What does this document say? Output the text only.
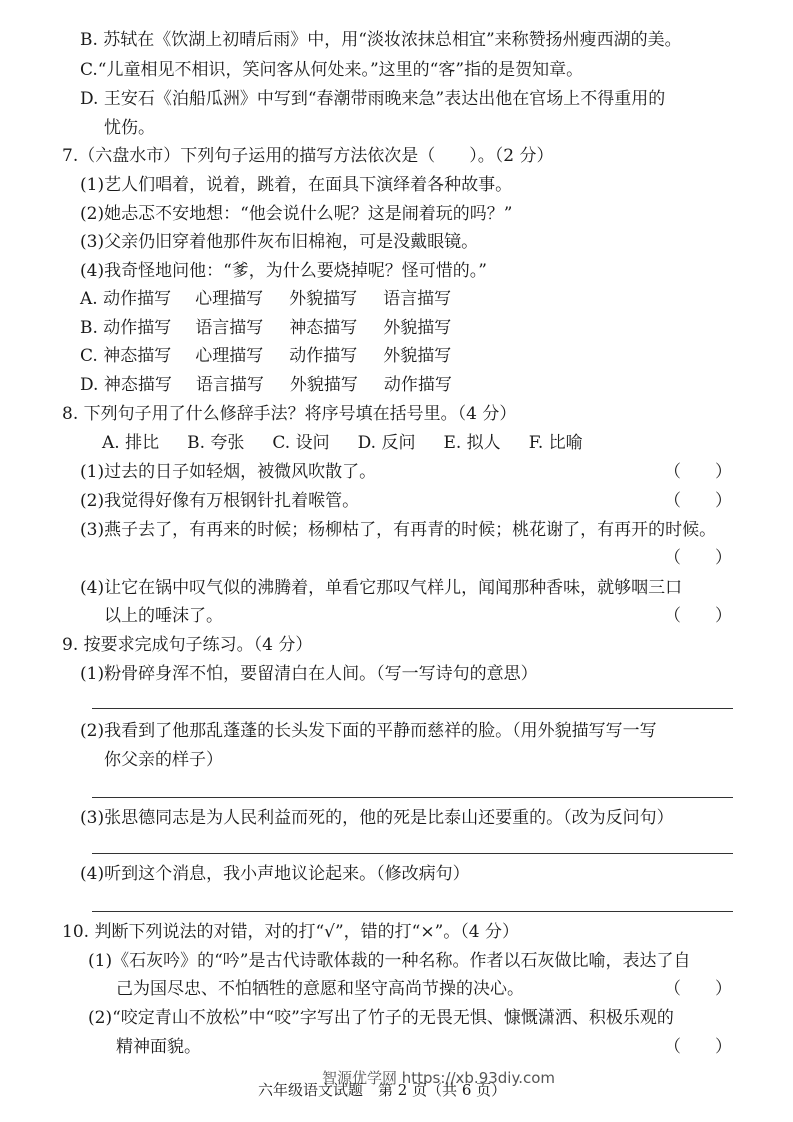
B. 苏轼在《饮湖上初晴后雨》中，用“淡妆浓抹总相宜”来称赞扬州瘦西湖的美。
C.“儿童相见不相识，笑问客从何处来。”这里的“客”指的是贺知章。
D. 王安石《泊船瓜洲》中写到“春潮带雨晚来急”表达出他在官场上不得重用的
忧伤。
7.（六盘水市）下列句子运用的描写方法依次是（　　）。（2 分）
(1)艺人们唱着，说着，跳着，在面具下演绎着各种故事。
(2)她忐忑不安地想：“他会说什么呢？这是闹着玩的吗？”
(3)父亲仍旧穿着他那件灰布旧棉袍，可是没戴眼镜。
(4)我奇怪地问他：“爹，为什么要烧掉呢？怪可惜的。”
A. 动作描写 心理描写 外貌描写 语言描写
B. 动作描写 语言描写 神态描写 外貌描写
C. 神态描写 心理描写 动作描写 外貌描写
D. 神态描写 语言描写 外貌描写 动作描写
8. 下列句子用了什么修辞手法？将序号填在括号里。（4 分）
A. 排比 B. 夸张 C. 设问 D. 反问 E. 拟人 F. 比喻
(1)过去的日子如轻烟，被微风吹散了。	（　　）
(2)我觉得好像有万根钢针扎着喉管。	（　　）
(3)燕子去了，有再来的时候；杨柳枯了，有再青的时候；桃花谢了，有再开的时候。
（　　）
(4)让它在锅中叹气似的沸腾着，单看它那叹气样儿，闻闻那种香味，就够咽三口
以上的唾沫了。	（　　）
9. 按要求完成句子练习。（4 分）
(1)粉骨碎身浑不怕，要留清白在人间。（写一写诗句的意思）
(2)我看到了他那乱蓬蓬的长头发下面的平静而慈祥的脸。（用外貌描写写一写
你父亲的样子）
(3)张思德同志是为人民利益而死的，他的死是比泰山还要重的。（改为反问句）
(4)听到这个消息，我小声地议论起来。（修改病句）
10. 判断下列说法的对错，对的打“√”，错的打“×”。（4 分）
(1)《石灰吟》的“吟”是古代诗歌体裁的一种名称。作者以石灰做比喻，表达了自
己为国尽忠、不怕牺牲的意愿和坚守高尚节操的决心。	（　　）
(2)“咬定青山不放松”中“咬”字写出了竹子的无畏无惧、慷慨潇洒、积极乐观的
精神面貌。	（　　）
智源优学网 https://xb.93diy.com
六年级语文试题　第 2 页（共 6 页）
